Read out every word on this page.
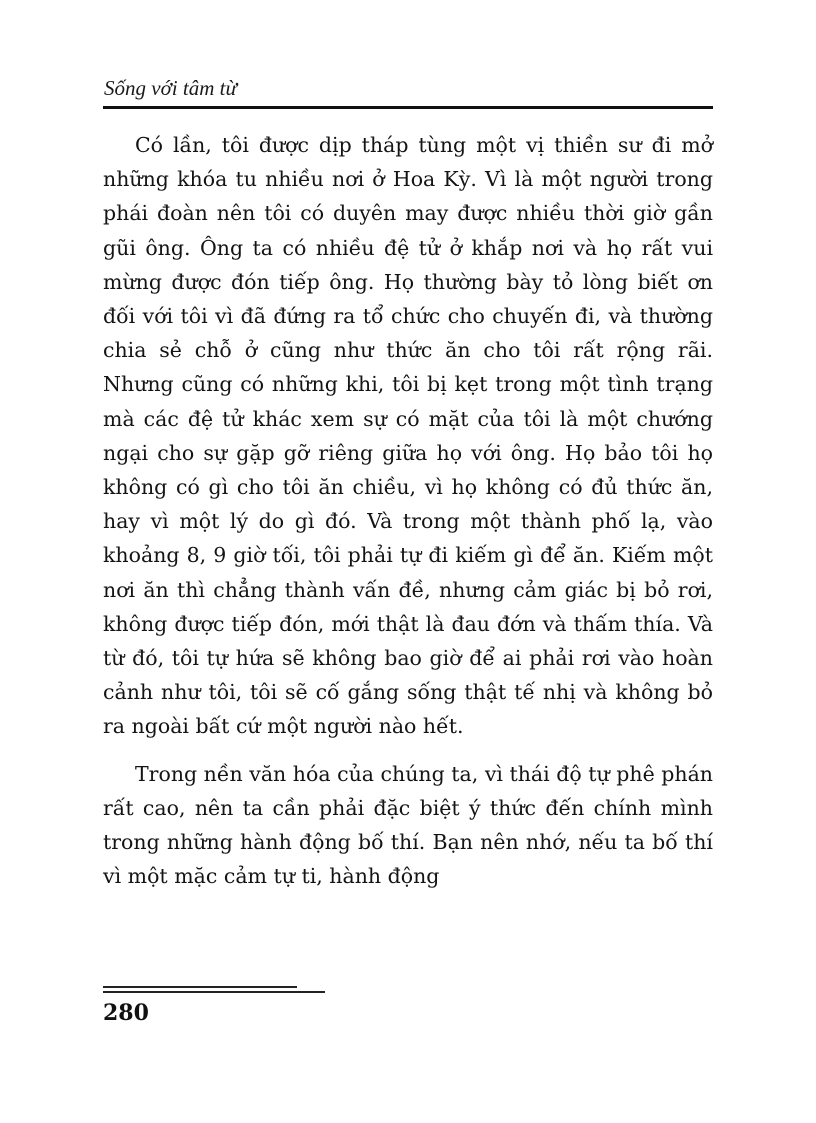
Sống với tâm từ

Có lần, tôi được dịp tháp tùng một vị thiền sư đi mở những khóa tu nhiều nơi ở Hoa Kỳ. Vì là một người trong phái đoàn nên tôi có duyên may được nhiều thời giờ gần gũi ông. Ông ta có nhiều đệ tử ở khắp nơi và họ rất vui mừng được đón tiếp ông. Họ thường bày tỏ lòng biết ơn đối với tôi vì đã đứng ra tổ chức cho chuyến đi, và thường chia sẻ chỗ ở cũng như thức ăn cho tôi rất rộng rãi. Nhưng cũng có những khi, tôi bị kẹt trong một tình trạng mà các đệ tử khác xem sự có mặt của tôi là một chướng ngại cho sự gặp gỡ riêng giữa họ với ông. Họ bảo tôi họ không có gì cho tôi ăn chiều, vì họ không có đủ thức ăn, hay vì một lý do gì đó. Và trong một thành phố lạ, vào khoảng 8, 9 giờ tối, tôi phải tự đi kiếm gì để ăn. Kiếm một nơi ăn thì chẳng thành vấn đề, nhưng cảm giác bị bỏ rơi, không được tiếp đón, mới thật là đau đớn và thấm thía. Và từ đó, tôi tự hứa sẽ không bao giờ để ai phải rơi vào hoàn cảnh như tôi, tôi sẽ cố gắng sống thật tế nhị và không bỏ ra ngoài bất cứ một người nào hết.

Trong nền văn hóa của chúng ta, vì thái độ tự phê phán rất cao, nên ta cần phải đặc biệt ý thức đến chính mình trong những hành động bố thí. Bạn nên nhớ, nếu ta bố thí vì một mặc cảm tự ti, hành động

280
